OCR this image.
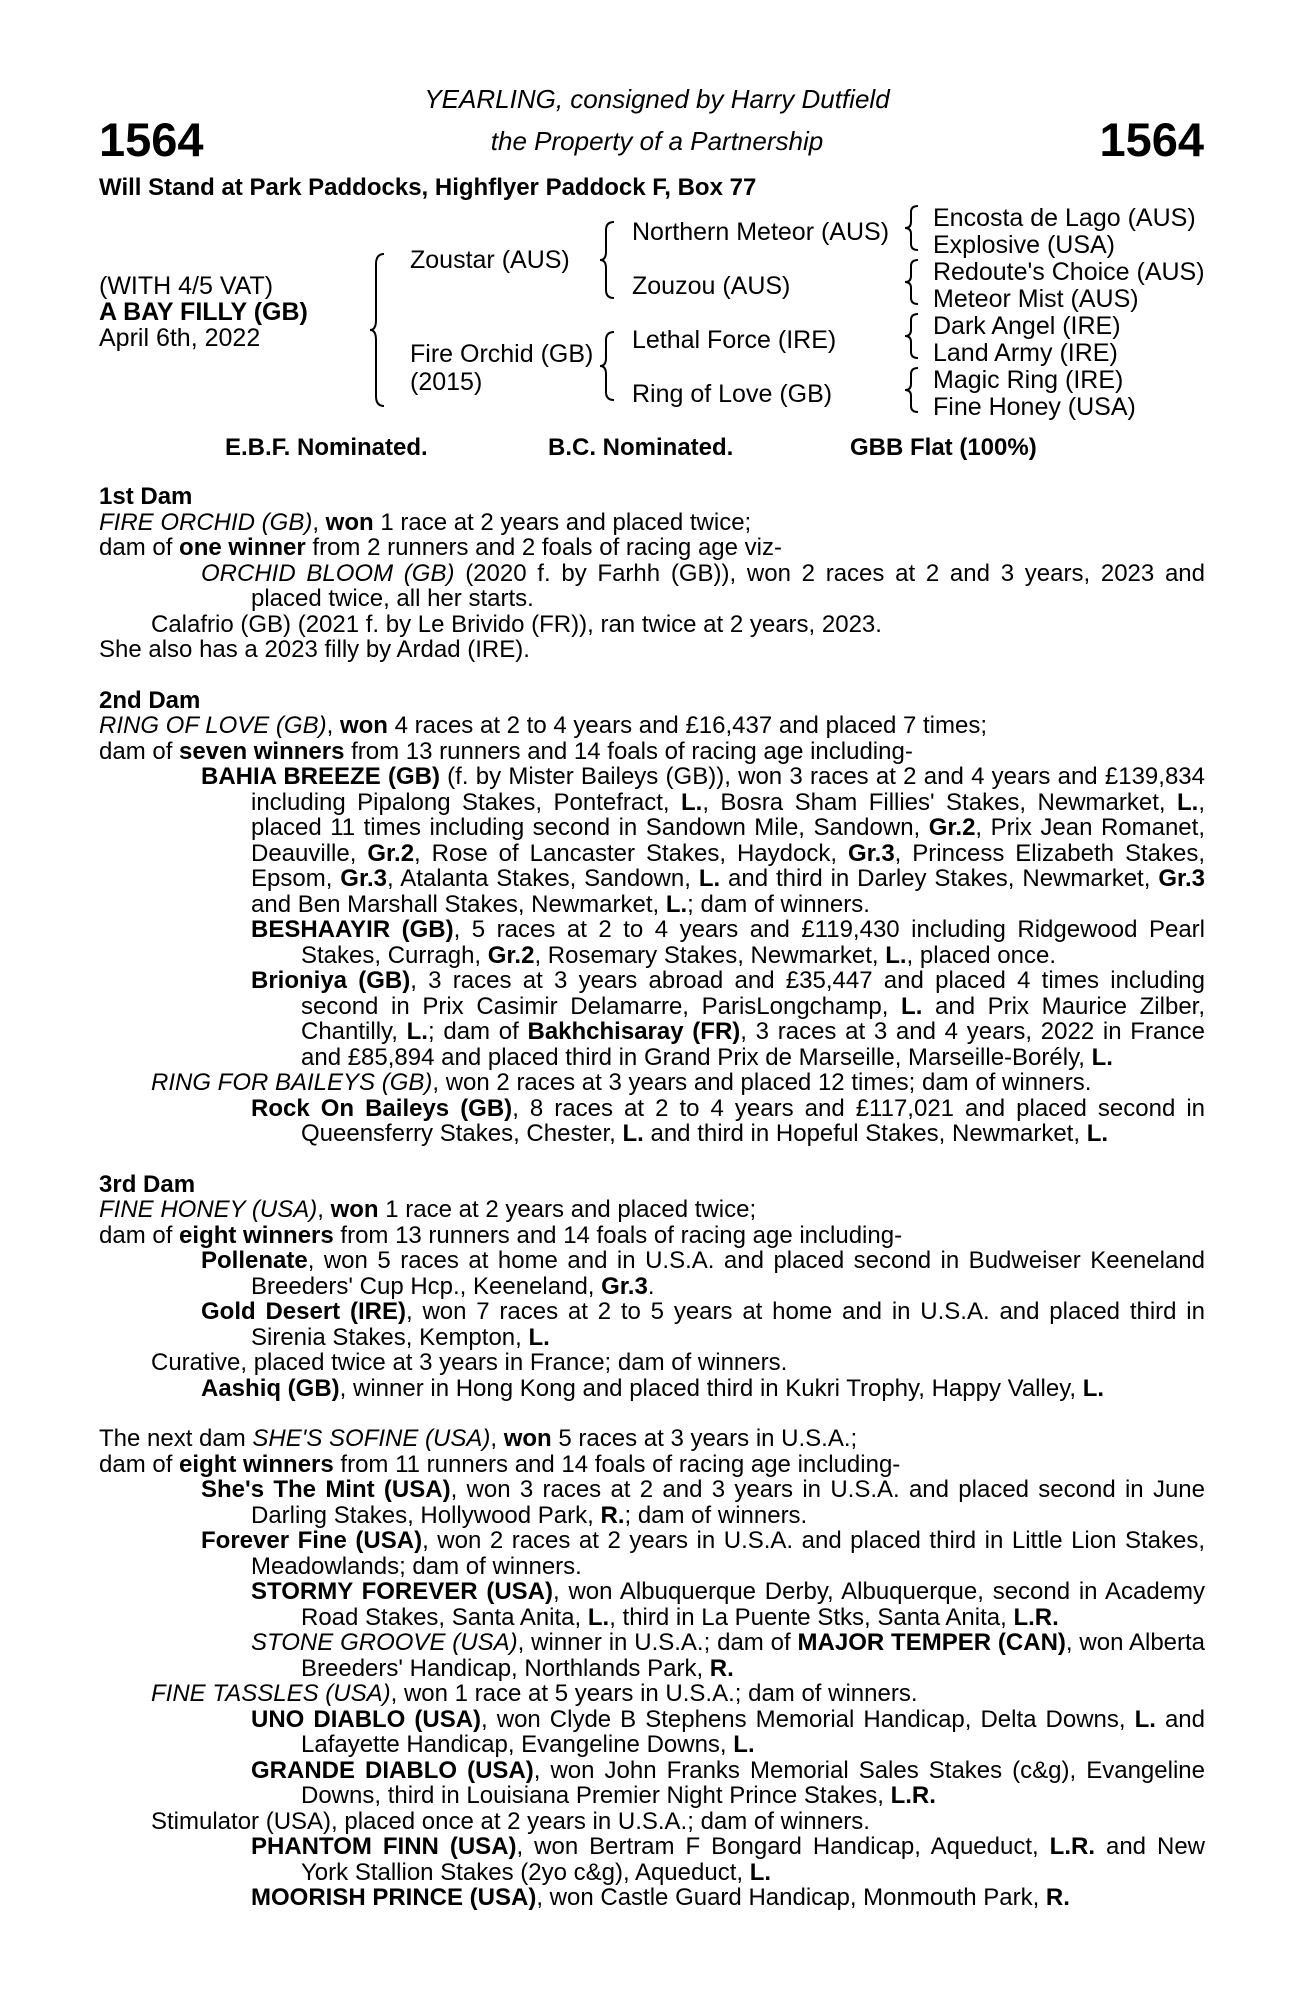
YEARLING, consigned by Harry Dutfield
the Property of a Partnership
1564	1564
Will Stand at Park Paddocks, Highflyer Paddock F, Box 77
(WITH 4/5 VAT)
A BAY FILLY (GB)
April 6th, 2022
Zoustar (AUS)
Fire Orchid (GB)
(2015)
Northern Meteor (AUS)
Zouzou (AUS)
Lethal Force (IRE)
Ring of Love (GB)
Encosta de Lago (AUS)
Explosive (USA)
Redoute's Choice (AUS)
Meteor Mist (AUS)
Dark Angel (IRE)
Land Army (IRE)
Magic Ring (IRE)
Fine Honey (USA)
E.B.F. Nominated.	B.C. Nominated.	GBB Flat (100%)
1st Dam
FIRE ORCHID (GB), won 1 race at 2 years and placed twice;
dam of one winner from 2 runners and 2 foals of racing age viz-
ORCHID BLOOM (GB) (2020 f. by Farhh (GB)), won 2 races at 2 and 3 years, 2023 and placed twice, all her starts.
Calafrio (GB) (2021 f. by Le Brivido (FR)), ran twice at 2 years, 2023.
She also has a 2023 filly by Ardad (IRE).
2nd Dam
RING OF LOVE (GB), won 4 races at 2 to 4 years and £16,437 and placed 7 times;
dam of seven winners from 13 runners and 14 foals of racing age including-
BAHIA BREEZE (GB) (f. by Mister Baileys (GB)), won 3 races at 2 and 4 years and £139,834 including Pipalong Stakes, Pontefract, L., Bosra Sham Fillies' Stakes, Newmarket, L., placed 11 times including second in Sandown Mile, Sandown, Gr.2, Prix Jean Romanet, Deauville, Gr.2, Rose of Lancaster Stakes, Haydock, Gr.3, Princess Elizabeth Stakes, Epsom, Gr.3, Atalanta Stakes, Sandown, L. and third in Darley Stakes, Newmarket, Gr.3 and Ben Marshall Stakes, Newmarket, L.; dam of winners.
BESHAAYIR (GB), 5 races at 2 to 4 years and £119,430 including Ridgewood Pearl Stakes, Curragh, Gr.2, Rosemary Stakes, Newmarket, L., placed once.
Brioniya (GB), 3 races at 3 years abroad and £35,447 and placed 4 times including second in Prix Casimir Delamarre, ParisLongchamp, L. and Prix Maurice Zilber, Chantilly, L.; dam of Bakhchisaray (FR), 3 races at 3 and 4 years, 2022 in France and £85,894 and placed third in Grand Prix de Marseille, Marseille-Borély, L.
RING FOR BAILEYS (GB), won 2 races at 3 years and placed 12 times; dam of winners.
Rock On Baileys (GB), 8 races at 2 to 4 years and £117,021 and placed second in Queensferry Stakes, Chester, L. and third in Hopeful Stakes, Newmarket, L.
3rd Dam
FINE HONEY (USA), won 1 race at 2 years and placed twice;
dam of eight winners from 13 runners and 14 foals of racing age including-
Pollenate, won 5 races at home and in U.S.A. and placed second in Budweiser Keeneland Breeders' Cup Hcp., Keeneland, Gr.3.
Gold Desert (IRE), won 7 races at 2 to 5 years at home and in U.S.A. and placed third in Sirenia Stakes, Kempton, L.
Curative, placed twice at 3 years in France; dam of winners.
Aashiq (GB), winner in Hong Kong and placed third in Kukri Trophy, Happy Valley, L.
The next dam SHE'S SOFINE (USA), won 5 races at 3 years in U.S.A.;
dam of eight winners from 11 runners and 14 foals of racing age including-
She's The Mint (USA), won 3 races at 2 and 3 years in U.S.A. and placed second in June Darling Stakes, Hollywood Park, R.; dam of winners.
Forever Fine (USA), won 2 races at 2 years in U.S.A. and placed third in Little Lion Stakes, Meadowlands; dam of winners.
STORMY FOREVER (USA), won Albuquerque Derby, Albuquerque, second in Academy Road Stakes, Santa Anita, L., third in La Puente Stks, Santa Anita, L.R.
STONE GROOVE (USA), winner in U.S.A.; dam of MAJOR TEMPER (CAN), won Alberta Breeders' Handicap, Northlands Park, R.
FINE TASSLES (USA), won 1 race at 5 years in U.S.A.; dam of winners.
UNO DIABLO (USA), won Clyde B Stephens Memorial Handicap, Delta Downs, L. and Lafayette Handicap, Evangeline Downs, L.
GRANDE DIABLO (USA), won John Franks Memorial Sales Stakes (c&g), Evangeline Downs, third in Louisiana Premier Night Prince Stakes, L.R.
Stimulator (USA), placed once at 2 years in U.S.A.; dam of winners.
PHANTOM FINN (USA), won Bertram F Bongard Handicap, Aqueduct, L.R. and New York Stallion Stakes (2yo c&g), Aqueduct, L.
MOORISH PRINCE (USA), won Castle Guard Handicap, Monmouth Park, R.
